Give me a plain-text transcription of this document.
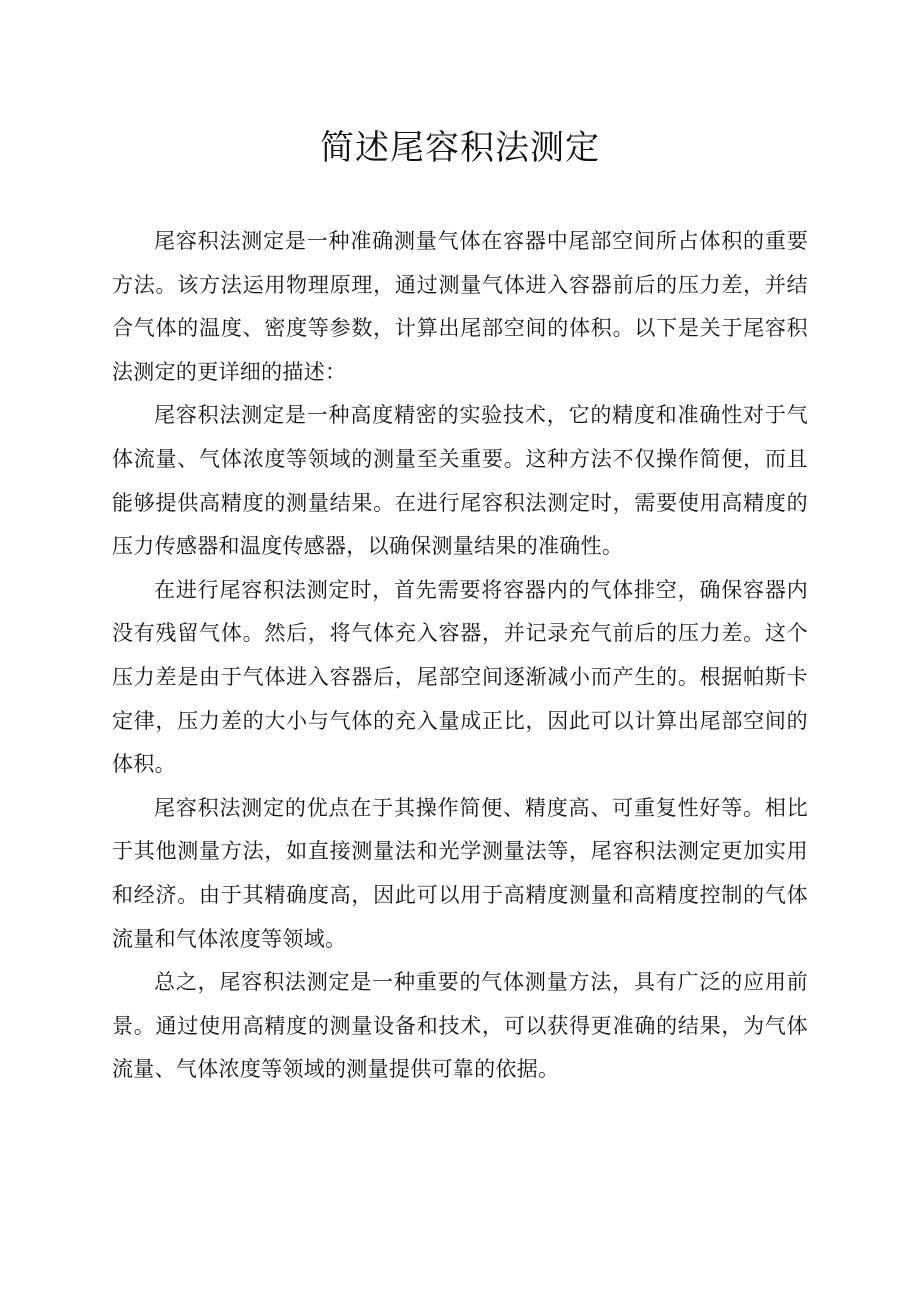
简述尾容积法测定

尾容积法测定是一种准确测量气体在容器中尾部空间所占体积的重要方法。该方法运用物理原理，通过测量气体进入容器前后的压力差，并结合气体的温度、密度等参数，计算出尾部空间的体积。以下是关于尾容积法测定的更详细的描述：

尾容积法测定是一种高度精密的实验技术，它的精度和准确性对于气体流量、气体浓度等领域的测量至关重要。这种方法不仅操作简便，而且能够提供高精度的测量结果。在进行尾容积法测定时，需要使用高精度的压力传感器和温度传感器，以确保测量结果的准确性。

在进行尾容积法测定时，首先需要将容器内的气体排空，确保容器内没有残留气体。然后，将气体充入容器，并记录充气前后的压力差。这个压力差是由于气体进入容器后，尾部空间逐渐减小而产生的。根据帕斯卡定律，压力差的大小与气体的充入量成正比，因此可以计算出尾部空间的体积。

尾容积法测定的优点在于其操作简便、精度高、可重复性好等。相比于其他测量方法，如直接测量法和光学测量法等，尾容积法测定更加实用和经济。由于其精确度高，因此可以用于高精度测量和高精度控制的气体流量和气体浓度等领域。

总之，尾容积法测定是一种重要的气体测量方法，具有广泛的应用前景。通过使用高精度的测量设备和技术，可以获得更准确的结果，为气体流量、气体浓度等领域的测量提供可靠的依据。
